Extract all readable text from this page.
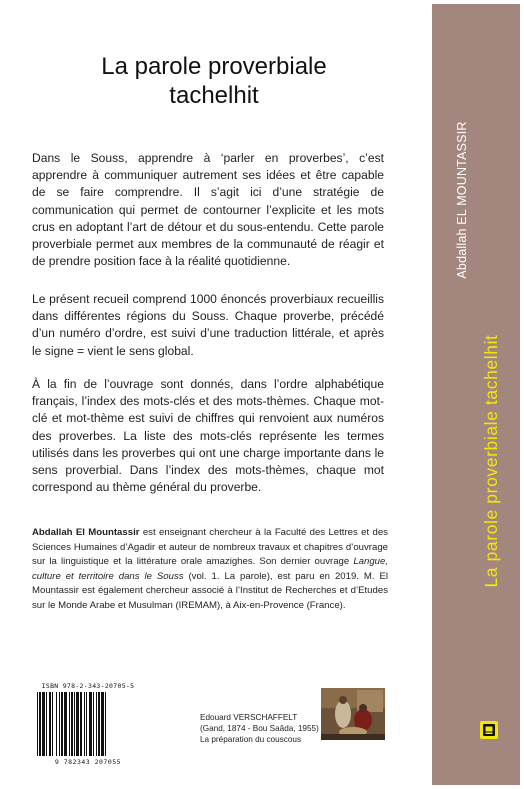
La parole proverbiale
tachelhit

Dans le Souss, apprendre à ‘parler en proverbes’, c’est apprendre à communiquer autrement ses idées et être capable de se faire comprendre. Il s’agit ici d’une stratégie de communication qui permet de contourner l’explicite et les mots crus en adoptant l’art de détour et du sous-entendu. Cette parole proverbiale permet aux membres de la communauté de réagir et de prendre position face à la réalité quotidienne.

Le présent recueil comprend 1000 énoncés proverbiaux recueillis dans différentes régions du Souss. Chaque proverbe, précédé d’un numéro d’ordre, est suivi d’une traduction littérale, et après le signe = vient le sens global.

À la fin de l’ouvrage sont donnés, dans l’ordre alphabétique français, l’index des mots-clés et des mots-thèmes. Chaque mot-clé et mot-thème est suivi de chiffres qui renvoient aux numéros des proverbes. La liste des mots-clés représente les termes utilisés dans les proverbes qui ont une charge importante dans le sens proverbial. Dans l’index des mots-thèmes, chaque mot correspond au thème général du proverbe.

Abdallah El Mountassir est enseignant chercheur à la Faculté des Lettres et des Sciences Humaines d’Agadir et auteur de nombreux travaux et chapitres d’ouvrage sur la linguistique et la littérature orale amazighes. Son dernier ouvrage Langue, culture et territoire dans le Souss (vol. 1. La parole), est paru en 2019. M. El Mountassir est également chercheur associé à l’Institut de Recherches et d’Etudes sur le Monde Arabe et Musulman (IREMAM), à Aix-en-Provence (France).

ISBN 978-2-343-20705-5
9 782343 207055
Edouard VERSCHAFFELT
(Gand, 1874 - Bou Saâda, 1955)
La préparation du couscous
Abdallah EL MOUNTASSIR
La parole proverbiale tachelhit
